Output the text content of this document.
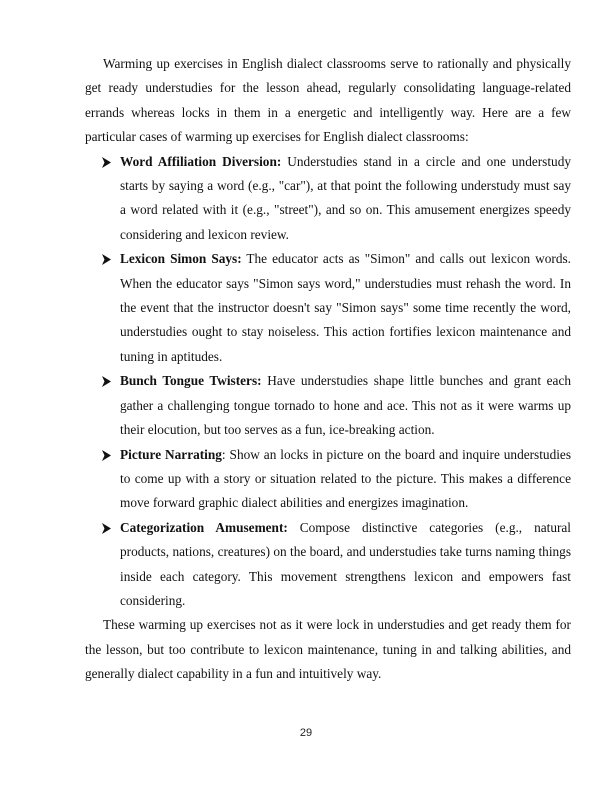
Warming up exercises in English dialect classrooms serve to rationally and physically get ready understudies for the lesson ahead, regularly consolidating language-related errands whereas locks in them in a energetic and intelligently way. Here are a few particular cases of warming up exercises for English dialect classrooms:

Word Affiliation Diversion: Understudies stand in a circle and one understudy starts by saying a word (e.g., "car"), at that point the following understudy must say a word related with it (e.g., "street"), and so on. This amusement energizes speedy considering and lexicon review.
Lexicon Simon Says: The educator acts as "Simon" and calls out lexicon words. When the educator says "Simon says word," understudies must rehash the word. In the event that the instructor doesn't say "Simon says" some time recently the word, understudies ought to stay noiseless. This action fortifies lexicon maintenance and tuning in aptitudes.
Bunch Tongue Twisters: Have understudies shape little bunches and grant each gather a challenging tongue tornado to hone and ace. This not as it were warms up their elocution, but too serves as a fun, ice-breaking action.
Picture Narrating: Show an locks in picture on the board and inquire understudies to come up with a story or situation related to the picture. This makes a difference move forward graphic dialect abilities and energizes imagination.
Categorization Amusement: Compose distinctive categories (e.g., natural products, nations, creatures) on the board, and understudies take turns naming things inside each category. This movement strengthens lexicon and empowers fast considering.

These warming up exercises not as it were lock in understudies and get ready them for the lesson, but too contribute to lexicon maintenance, tuning in and talking abilities, and generally dialect capability in a fun and intuitively way.

29
